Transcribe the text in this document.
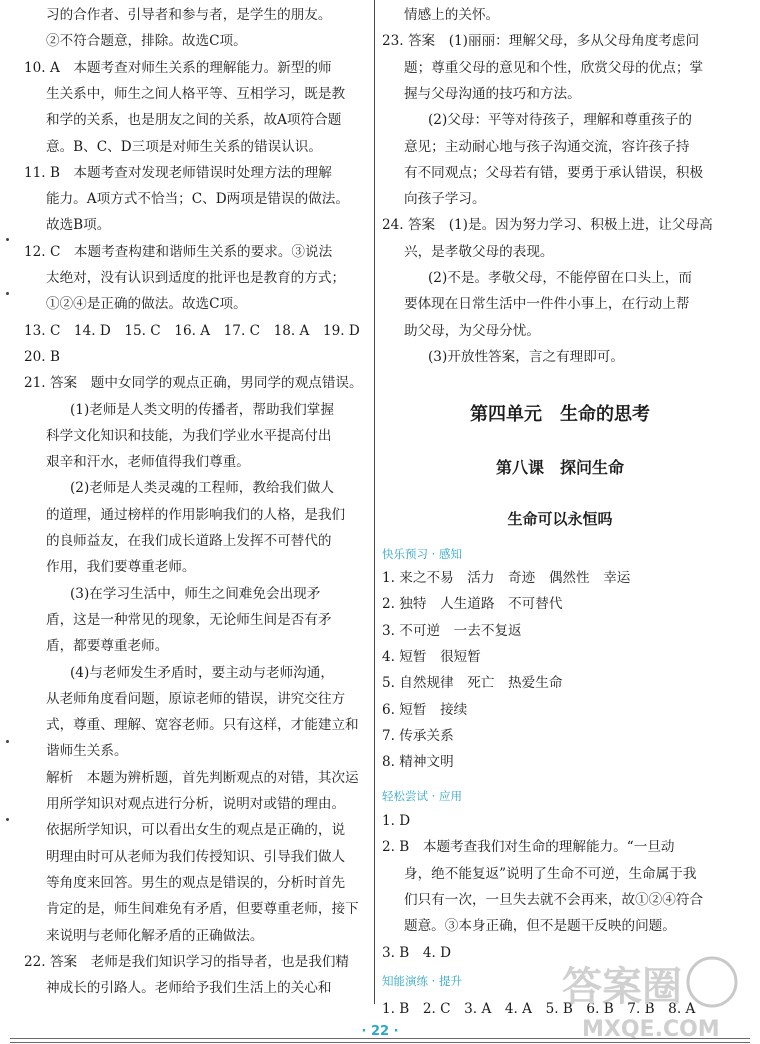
习的合作者、引导者和参与者，是学生的朋友。
②不符合题意，排除。故选C项。
10. A　本题考查对师生关系的理解能力。新型的师
生关系中，师生之间人格平等、互相学习，既是教
和学的关系，也是朋友之间的关系，故A项符合题
意。B、C、D三项是对师生关系的错误认识。
11. B　本题考查对发现老师错误时处理方法的理解
能力。A项方式不恰当；C、D两项是错误的做法。
故选B项。
12. C　本题考查构建和谐师生关系的要求。③说法
太绝对，没有认识到适度的批评也是教育的方式；
①②④是正确的做法。故选C项。
13. C　14. D　15. C　16. A　17. C　18. A　19. D
20. B
21. 答案　题中女同学的观点正确，男同学的观点错误。
(1)老师是人类文明的传播者，帮助我们掌握
科学文化知识和技能，为我们学业水平提高付出
艰辛和汗水，老师值得我们尊重。
(2)老师是人类灵魂的工程师，教给我们做人
的道理，通过榜样的作用影响我们的人格，是我们
的良师益友，在我们成长道路上发挥不可替代的
作用，我们要尊重老师。
(3)在学习生活中，师生之间难免会出现矛
盾，这是一种常见的现象，无论师生间是否有矛
盾，都要尊重老师。
(4)与老师发生矛盾时，要主动与老师沟通，
从老师角度看问题，原谅老师的错误，讲究交往方
式，尊重、理解、宽容老师。只有这样，才能建立和
谐师生关系。
解析　本题为辨析题，首先判断观点的对错，其次运
用所学知识对观点进行分析，说明对或错的理由。
依据所学知识，可以看出女生的观点是正确的，说
明理由时可从老师为我们传授知识、引导我们做人
等角度来回答。男生的观点是错误的，分析时首先
肯定的是，师生间难免有矛盾，但要尊重老师，接下
来说明与老师化解矛盾的正确做法。
22. 答案　老师是我们知识学习的指导者，也是我们精
神成长的引路人。老师给予我们生活上的关心和
第四单元　生命的思考
第八课　探问生命
生命可以永恒吗
快乐预习 · 感知
轻松尝试 · 应用
知能演练 · 提升
1. B　2. C　3. A　4. A　5. B　6. B　7. B　8. A
情感上的关怀。
23. 答案　(1)丽丽：理解父母，多从父母角度考虑问
题；尊重父母的意见和个性，欣赏父母的优点；掌
握与父母沟通的技巧和方法。
(2)父母：平等对待孩子，理解和尊重孩子的
意见；主动耐心地与孩子沟通交流，容许孩子持
有不同观点；父母若有错，要勇于承认错误，积极
向孩子学习。
24. 答案　(1)是。因为努力学习、积极上进，让父母高
兴，是孝敬父母的表现。
(2)不是。孝敬父母，不能停留在口头上，而
要体现在日常生活中一件件小事上，在行动上帮
助父母，为父母分忧。
(3)开放性答案，言之有理即可。
1. 来之不易　活力　奇迹　偶然性　幸运
2. 独特　人生道路　不可替代
3. 不可逆　一去不复返
4. 短暂　很短暂
5. 自然规律　死亡　热爱生命
6. 短暂　接续
7. 传承关系
8. 精神文明
1. D
2. B　本题考查我们对生命的理解能力。“一旦动
身，绝不能复返”说明了生命不可逆，生命属于我
们只有一次，一旦失去就不会再来，故①②④符合
题意。③本身正确，但不是题干反映的问题。
3. B　4. D
答案圈
MXQE.COM
· 22 ·
